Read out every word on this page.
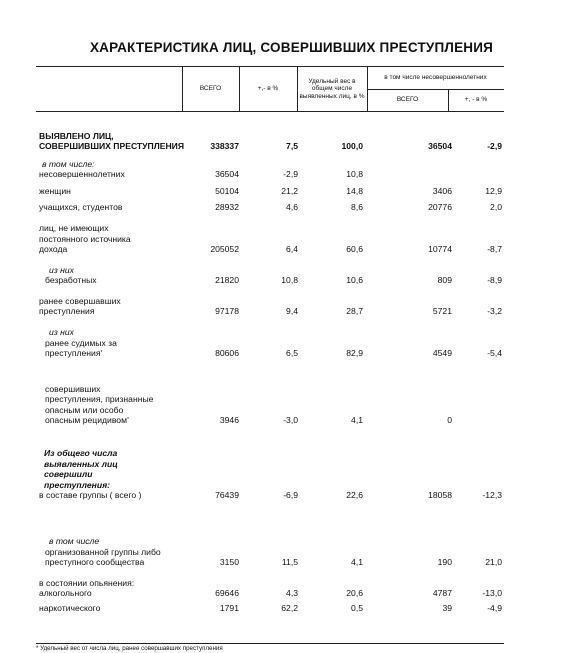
ХАРАКТЕРИСТИКА ЛИЦ, СОВЕРШИВШИХ ПРЕСТУПЛЕНИЯ
ВСЕГО	+,- в %
Удельный вес в общем числе выявленных лиц, в %
в том числе несовершеннолетних
ВСЕГО	+, - в %
ВЫЯВЛЕНО ЛИЦ, СОВЕРШИВШИХ ПРЕСТУПЛЕНИЯ	338337	7,5	100,0	36504	-2,9
в том числе:
несовершеннолетних	36504	-2,9	10,8
женщин	50104	21,2	14,8	3406	12,9
учащихся, студентов	28932	4,6	8,6	20776	2,0
лиц, не имеющих постоянного источника дохода	205052	6,4	60,6	10774	-8,7
из них
безработных	21820	10,8	10,6	809	-8,9
ранее совершавших преступления	97178	9,4	28,7	5721	-3,2
из них
ранее судимых за преступления*	80606	6,5	82,9	4549	-5,4
совершивших преступления, признанные опасным или особо опасным рецидивом*	3946	-3,0	4,1	0
Из общего числа выявленных лиц совершили преступления:
в составе группы ( всего )	76439	-6,9	22,6	18058	-12,3
в том числе
организованной группы либо преступного сообщества	3150	11,5	4,1	190	21,0
в состоянии опьянения: алкогольного	69646	4,3	20,6	4787	-13,0
наркотического	1791	62,2	0,5	39	-4,9
* Удельный вес от числа лиц, ранее совершавших преступления
